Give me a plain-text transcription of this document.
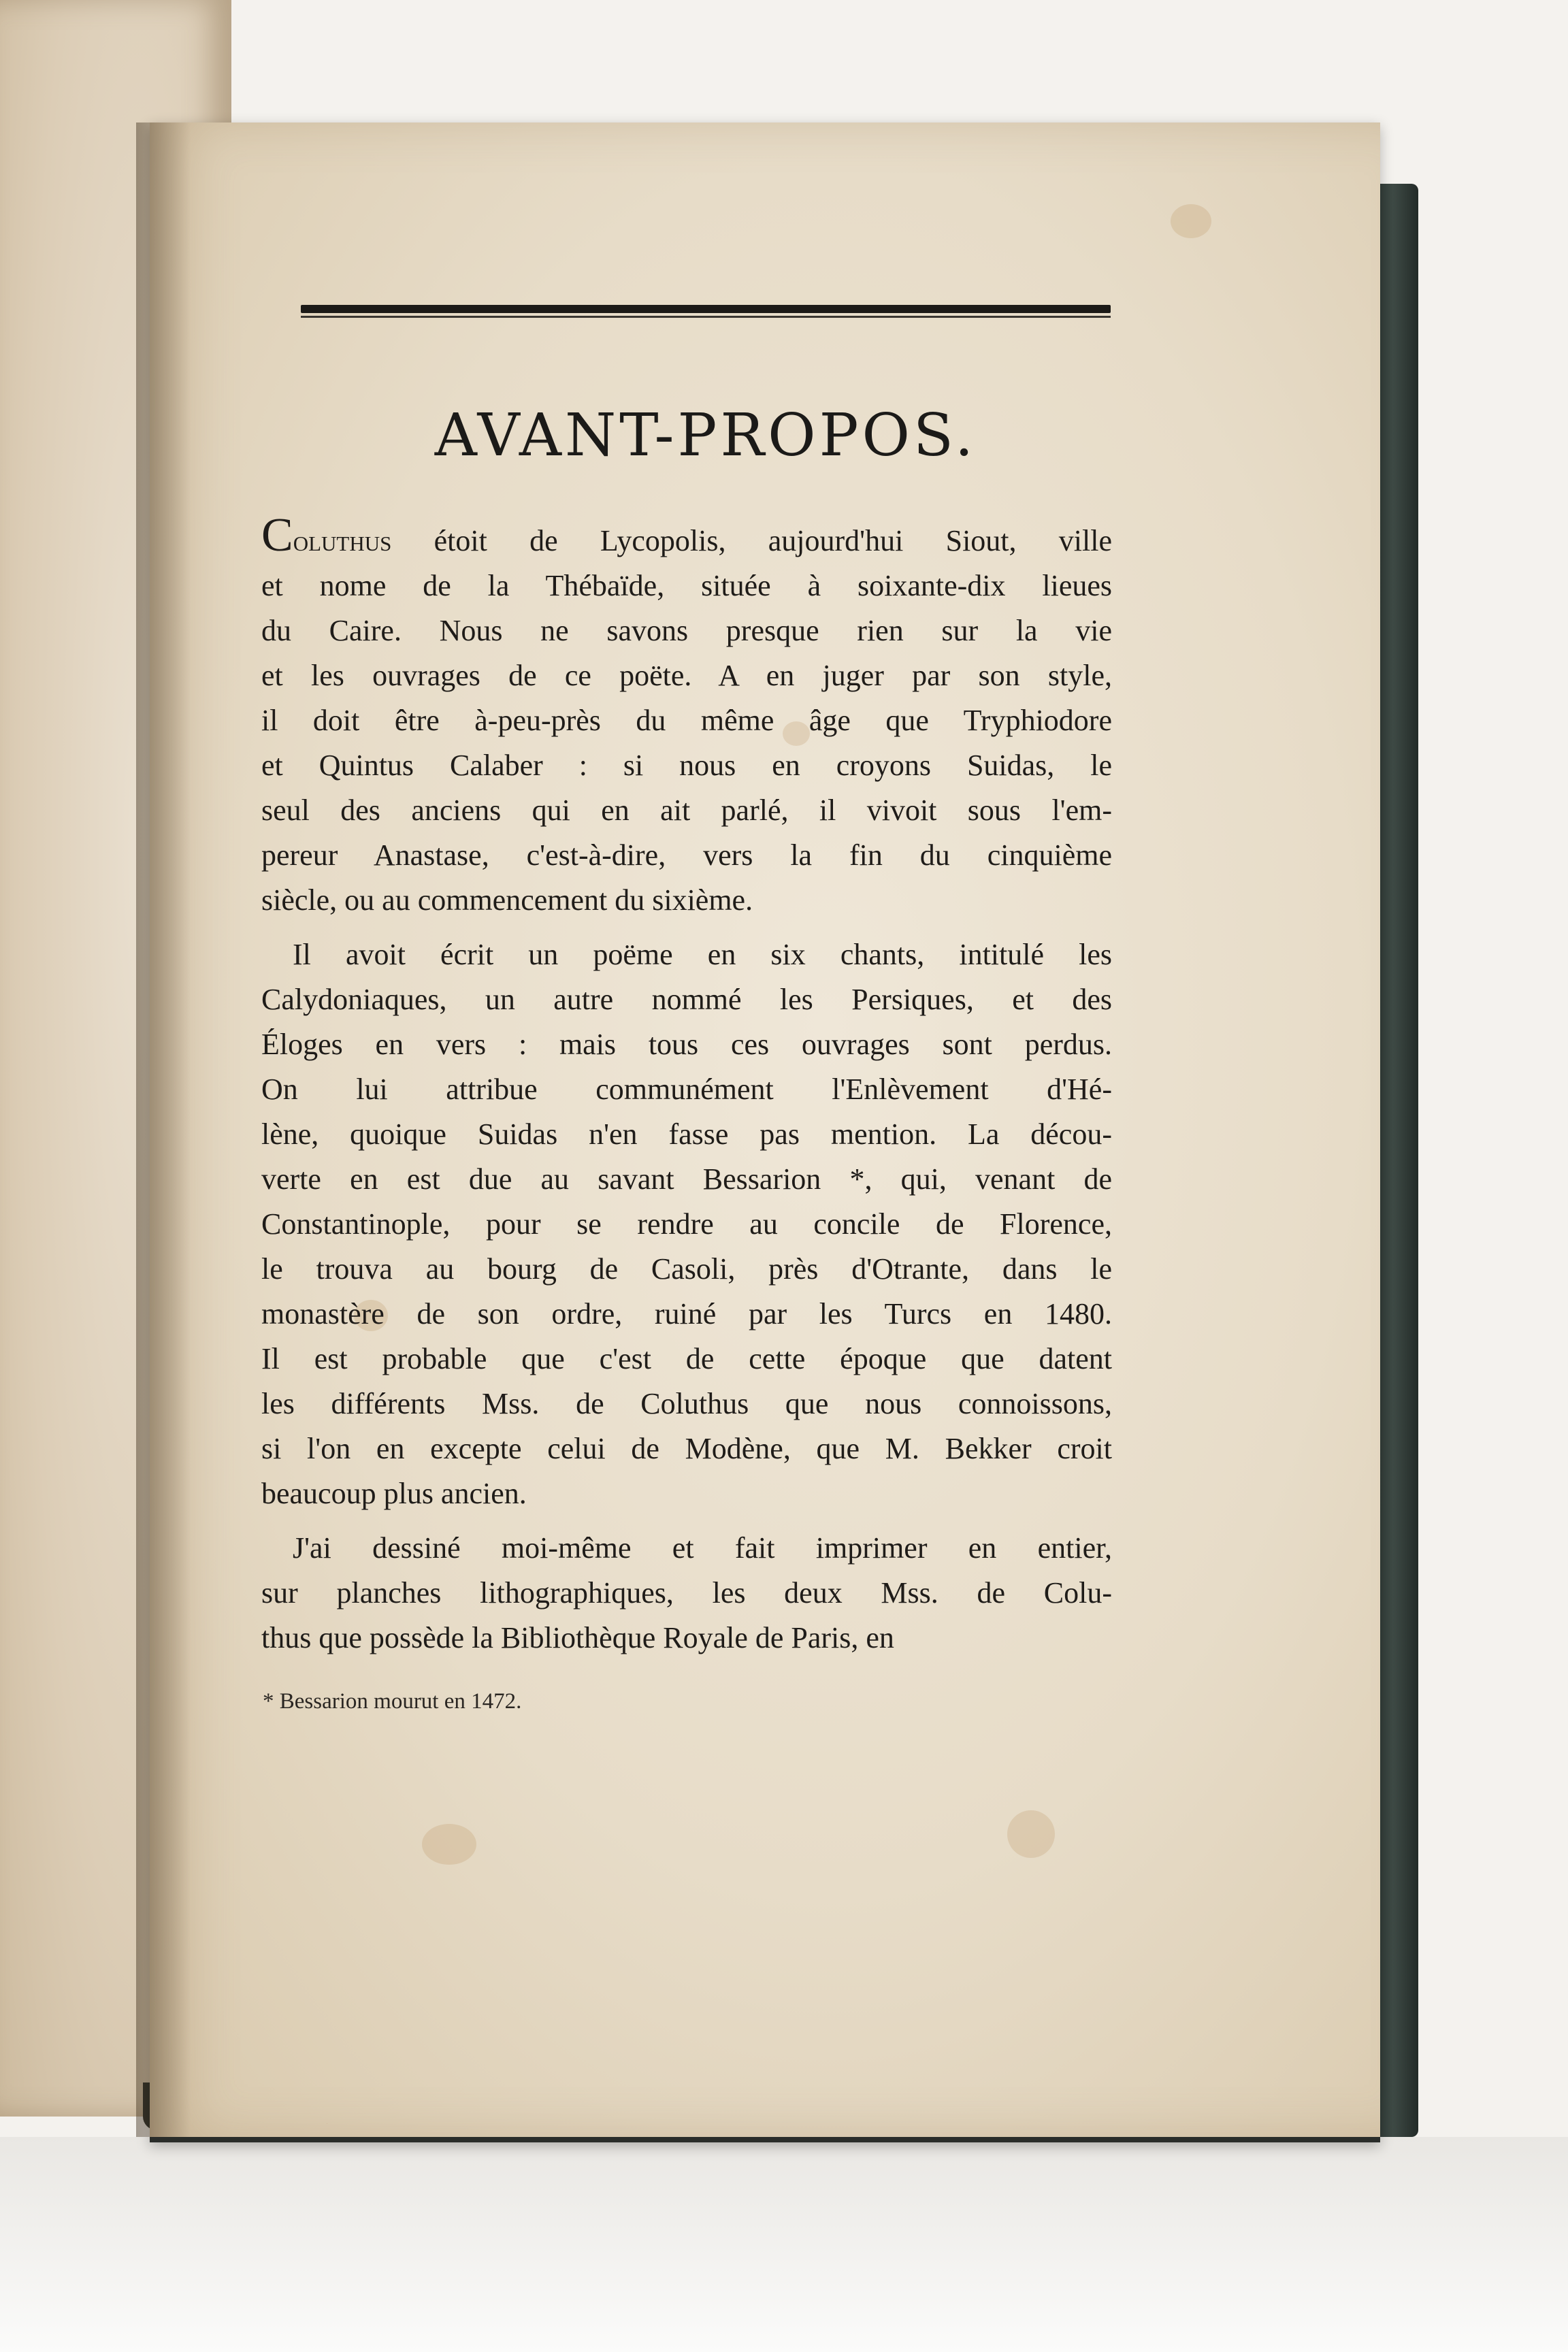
AVANT-PROPOS.
Coluthus étoit de Lycopolis, aujourd'hui Siout, ville
et nome de la Thébaïde, située à soixante-dix lieues
du Caire. Nous ne savons presque rien sur la vie
et les ouvrages de ce poëte. A en juger par son style,
il doit être à-peu-près du même âge que Tryphiodore
et Quintus Calaber : si nous en croyons Suidas, le
seul des anciens qui en ait parlé, il vivoit sous l'em-
pereur Anastase, c'est-à-dire, vers la fin du cinquième
siècle, ou au commencement du sixième.
Il avoit écrit un poëme en six chants, intitulé les
Calydoniaques, un autre nommé les Persiques, et des
Éloges en vers : mais tous ces ouvrages sont perdus.
On lui attribue communément l'Enlèvement d'Hé-
lène, quoique Suidas n'en fasse pas mention. La décou-
verte en est due au savant Bessarion *, qui, venant de
Constantinople, pour se rendre au concile de Florence,
le trouva au bourg de Casoli, près d'Otrante, dans le
monastère de son ordre, ruiné par les Turcs en 1480.
Il est probable que c'est de cette époque que datent
les différents Mss. de Coluthus que nous connoissons,
si l'on en excepte celui de Modène, que M. Bekker croit
beaucoup plus ancien.
J'ai dessiné moi-même et fait imprimer en entier,
sur planches lithographiques, les deux Mss. de Colu-
thus que possède la Bibliothèque Royale de Paris, en
* Bessarion mourut en 1472.
